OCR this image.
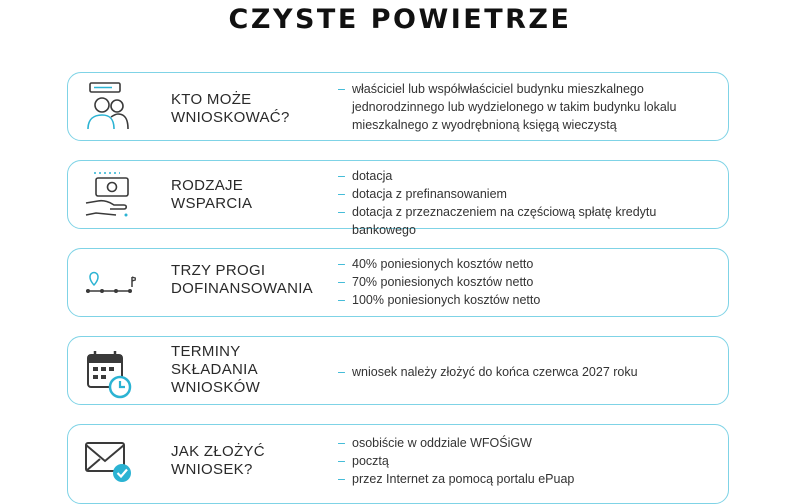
CZYSTE POWIETRZE
KTO MOŻE
WNIOSKOWAĆ?
– właściciel lub współwłaściciel budynku mieszkalnego jednorodzinnego lub wydzielonego w takim budynku lokalu mieszkalnego z wyodrębnioną księgą wieczystą
RODZAJE
WSPARCIA
– dotacja
– dotacja z prefinansowaniem
– dotacja z przeznaczeniem na częściową spłatę kredytu bankowego
TRZY PROGI
DOFINANSOWANIA
– 40% poniesionych kosztów netto
– 70% poniesionych kosztów netto
– 100% poniesionych kosztów netto
TERMINY
SKŁADANIA
WNIOSKÓW
– wniosek należy złożyć do końca czerwca 2027 roku
JAK ZŁOŻYĆ
WNIOSEK?
– osobiście w oddziale WFOŚiGW
– pocztą
– przez Internet za pomocą portalu ePuap
